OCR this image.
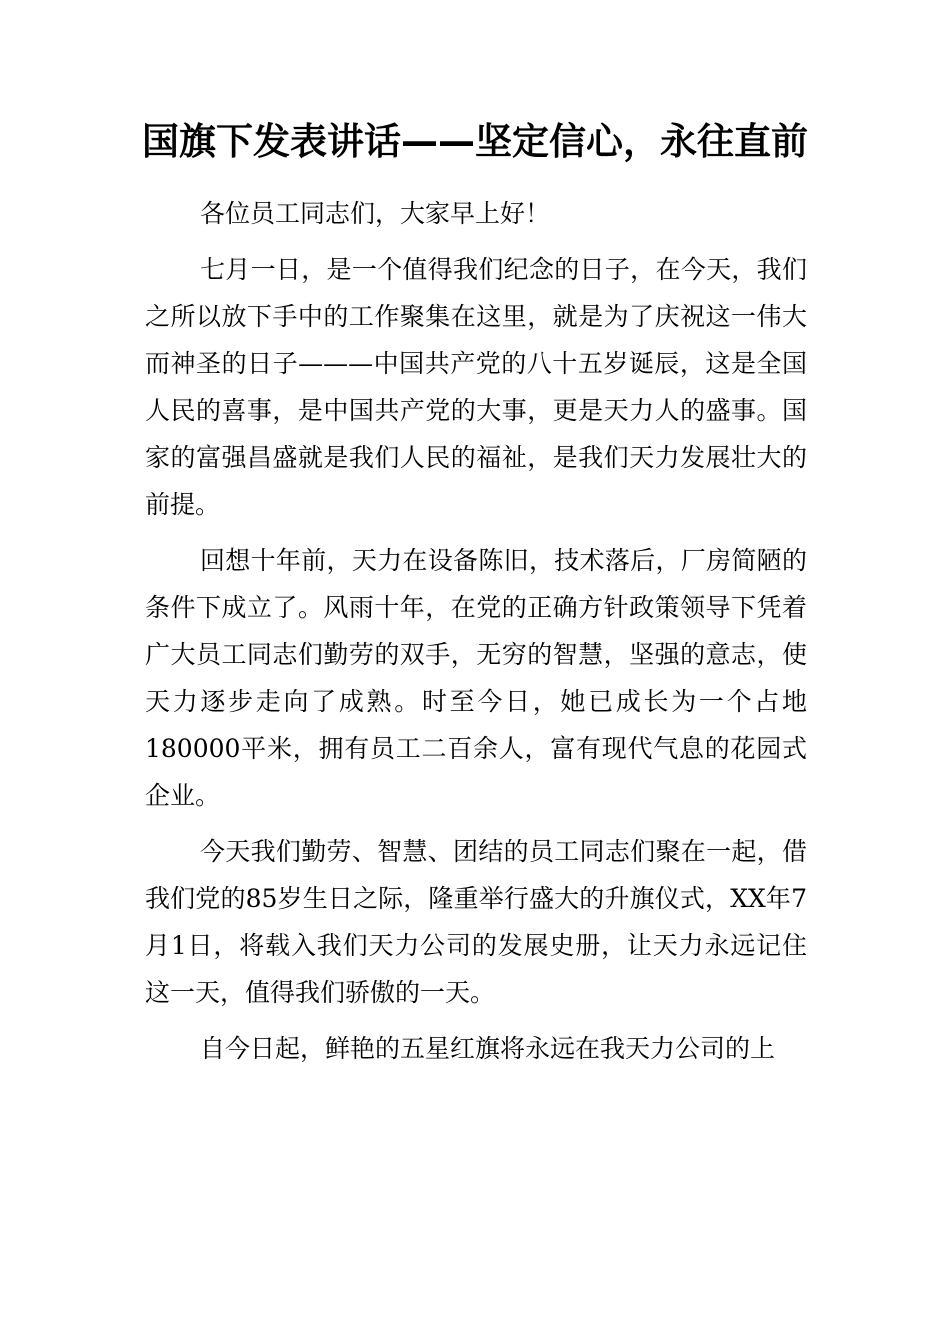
国旗下发表讲话——坚定信心，永往直前

各位员工同志们，大家早上好！

七月一日，是一个值得我们纪念的日子，在今天，我们之所以放下手中的工作聚集在这里，就是为了庆祝这一伟大而神圣的日子———中国共产党的八十五岁诞辰，这是全国人民的喜事，是中国共产党的大事，更是天力人的盛事。国家的富强昌盛就是我们人民的福祉，是我们天力发展壮大的前提。

回想十年前，天力在设备陈旧，技术落后，厂房简陋的条件下成立了。风雨十年，在党的正确方针政策领导下凭着广大员工同志们勤劳的双手，无穷的智慧，坚强的意志，使天力逐步走向了成熟。时至今日，她已成长为一个占地180000平米，拥有员工二百余人，富有现代气息的花园式企业。

今天我们勤劳、智慧、团结的员工同志们聚在一起，借我们党的85岁生日之际，隆重举行盛大的升旗仪式，XX年7月1日，将载入我们天力公司的发展史册，让天力永远记住这一天，值得我们骄傲的一天。

自今日起，鲜艳的五星红旗将永远在我天力公司的上
